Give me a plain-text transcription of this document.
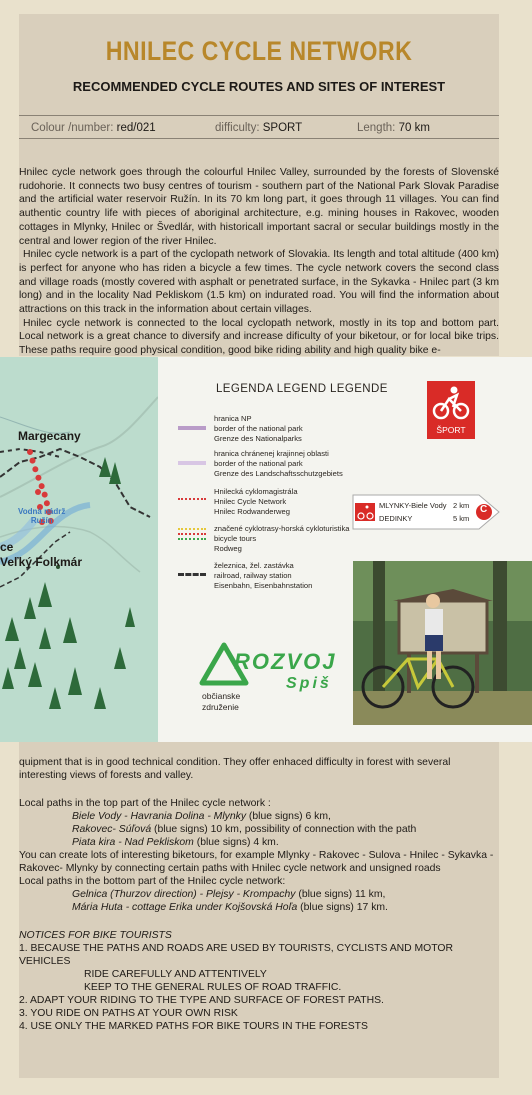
HNILEC CYCLE NETWORK
RECOMMENDED CYCLE ROUTES AND SITES OF INTEREST
Colour /number: red/021	difficulty: SPORT	Length: 70 km

Hnilec cycle network goes through the colourful Hnilec Valley, surrounded by the forests of Slovenské rudohorie. It connects two busy centres of tourism - southern part of the National Park Slovak Paradise and the artificial water reservoir Ružín. In its 70 km long part, it goes through 11 villages. You can find authentic country life with pieces of aboriginal architecture, e.g. mining houses in Rakovec, wooden cottages in Mlynky, Hnilec or Švedlár, with historicall important sacral or secular buildings mostly in the central and lower region of the river Hnilec.

Hnilec cycle network is a part of the cyclopath network of Slovakia. Its length and total altitude (400 km) is perfect for anyone who has riden a bicycle a few times. The cycle network covers the second class and village roads (mostly covered with asphalt or penetrated surface, in the Sykavka - Hnilec part (3 km long) and in the locality Nad Pekliskom (1.5 km) on indurated road. You will find the information about attractions on this track in the information about certain villages.

Hnilec cycle network is connected to the local cyclopath network, mostly in its top and bottom part. Local network is a great chance to diversify and increase dificulty of your biketour, or for local bike trips. These paths require good physical condition, good bike riding ability and high quality bike e-

Margecany
Vodná nádrž
Ružín
ce
Veľký Folkmár
LEGENDA LEGEND LEGENDE
hranica NP
border of the national park
Grenze des Nationalparks
hranica chránenej krajinnej oblasti
border of the national park
Grenze des Landschaftsschutzgebiets
Hnilecká cyklomagistrála
Hnilec Cycle Network
Hnilec Rodwanderweg
značené cyklotrasy-horská cykloturistika
bicycle tours
Rodweg
železnica, žel. zastávka
railroad, railway station
Eisenbahn, Eisenbahnstation
ŠPORT
MLYNKY-Biele Vody 2 km
DEDINKY	5 km
C
ROZVOJ
Spiš
občianske
združenie
quipment that is in good technical condition. They offer enhaced difficulty in forest with several interesting views of forests and valley.
Local paths in the top part of the Hnilec cycle network :
Biele Vody - Havrania Dolina - Mlynky (blue signs) 6 km,
Rakovec- Súľová (blue signs) 10 km, possibility of connection with the path
Piata kira - Nad Pekliskom (blue signs) 4 km.
You can create lots of interesting biketours, for example Mlynky - Rakovec - Sulova - Hnilec - Sykavka - Rakovec- Mlynky by connecting certain paths with Hnilec cycle network and unsigned roads
Local paths in the bottom part of the Hnilec cycle network:
Gelnica (Thurzov direction) - Plejsy - Krompachy (blue signs) 11 km,
Mária Huta - cottage Erika under Kojšovská Hoľa (blue signs) 17 km.
NOTICES FOR BIKE TOURISTS
1. BECAUSE THE PATHS AND ROADS ARE USED BY TOURISTS, CYCLISTS AND MOTOR VEHICLES
RIDE CAREFULLY AND ATTENTIVELY
KEEP TO THE GENERAL RULES OF ROAD TRAFFIC.
2. ADAPT YOUR RIDING TO THE TYPE AND SURFACE OF FOREST PATHS.
3. YOU RIDE ON PATHS AT YOUR OWN RISK
4. USE ONLY THE MARKED PATHS FOR BIKE TOURS IN THE FORESTS
